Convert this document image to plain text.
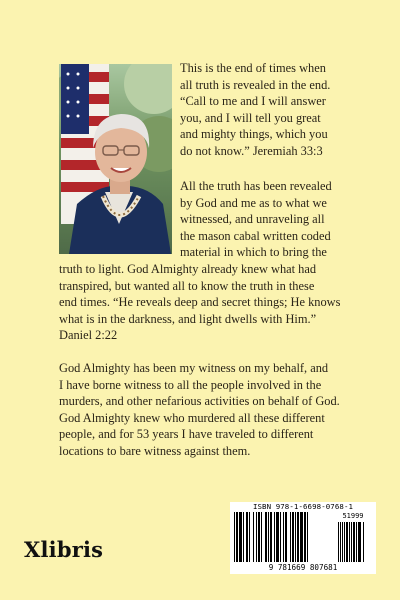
This is the end of times when
all truth is revealed in the end.
“Call to me and I will answer
you, and I will tell you great
and mighty things, which you
do not know.” Jeremiah 33:3

All the truth has been revealed
by God and me as to what we
witnessed, and unraveling all
the mason cabal written coded
material in which to bring the

truth to light. God Almighty already knew what had
transpired, but wanted all to know the truth in these
end times. “He reveals deep and secret things; He knows
what is in the darkness, and light dwells with Him.”
Daniel 2:22

God Almighty has been my witness on my behalf, and
I have borne witness to all the people involved in the
murders, and other nefarious activities on behalf of God.
God Almighty knew who murdered all these different
people, and for 53 years I have traveled to different
locations to bare witness against them.

Xlibris
ISBN 978-1-6698-0768-1
51999
9 781669 807681
